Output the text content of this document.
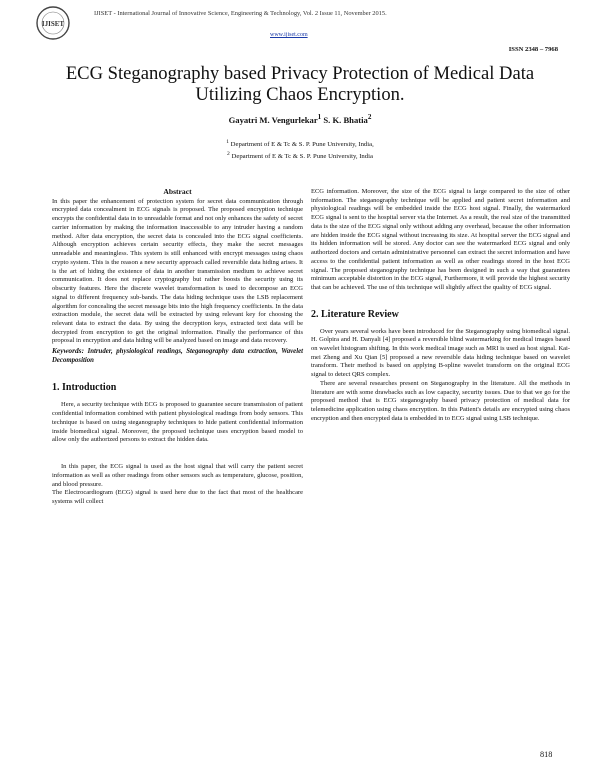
IJISET
IJISET - International Journal of Innovative Science, Engineering & Technology, Vol. 2 Issue 11, November 2015.
www.ijiset.com
ISSN 2348 – 7968
ECG Steganography based Privacy Protection of Medical Data Utilizing Chaos Encryption.
Gayatri M. Vengurlekar$^1$ S. K. Bhatia$^2$
$^1$ Department of E & Tc & S. P. Pune University, India,
$^2$ Department of E & Tc & S. P. Pune University, India

Abstract

In this paper the enhancement of protection system for secret data communication through encrypted data concealment in ECG signals is proposed. The proposed encryption technique encrypts the confidential data in to unreadable format and not only enhances the safety of secret carrier information by making the information inaccessible to any intruder having a random method. After data encryption, the secret data is concealed into the ECG signal coefficients. Although encryption achieves certain security effects, they make the secret messages unreadable and meaningless. This system is still enhanced with encrypt messages using chaos crypto system. This is the reason a new security approach called reversible data hiding arises. It is the art of hiding the existence of data in another transmission medium to achieve secret communication. It does not replace cryptography but rather boosts the security using its obscurity features. Here the discrete wavelet transformation is used to decompose an ECG signal to different frequency sub-bands. The data hiding technique uses the LSB replacement algorithm for concealing the secret message bits into the high frequency coefficients. In the data extraction module, the secret data will be extracted by using relevant key for choosing the relevant data to extract the data. By using the decryption keys, extracted text data will be decrypted from encryption to get the original information. Finally the performance of this proposal in encryption and data hiding will be analyzed based on image and data recovery.

Keywords: Intruder, physiological readings, Steganography data extraction, Wavelet Decomposition

1. Introduction

Here, a security technique with ECG is proposed to guarantee secure transmission of patient confidential information combined with patient physiological readings from body sensors. This technique is based on using steganography techniques to hide patient confidential information inside biomedical signal. Moreover, the proposed technique uses encryption based model to allow only the authorized persons to extract the hidden data.

In this paper, the ECG signal is used as the host signal that will carry the patient secret information as well as other readings from other sensors such as temperature, glucose, position, and blood pressure.

The Electrocardiogram (ECG) signal is used here due to the fact that most of the healthcare systems will collect

ECG information. Moreover, the size of the ECG signal is large compared to the size of other information. The steganography technique will be applied and patient secret information and physiological readings will be embedded inside the ECG host signal. Finally, the watermarked ECG signal is sent to the hospital server via the Internet. As a result, the real size of the transmitted data is the size of the ECG signal only without adding any overhead, because the other information are hidden inside the ECG signal without increasing its size. At hospital server the ECG signal and its hidden information will be stored. Any doctor can see the watermarked ECG signal and only authorized doctors and certain administrative personnel can extract the secret information and have access to the confidential patient information as well as other readings stored in the host ECG signal. The proposed steganography technique has been designed in such a way that guarantees minimum acceptable distortion in the ECG signal, Furthermore, it will provide the highest security that can be achieved. The use of this technique will slightly affect the quality of ECG signal.

2. Literature Review

Over years several works have been introduced for the Steganography using biomedical signal. H. Golpira and H. Danyali [4] proposed a reversible blind watermarking for medical images based on wavelet histogram shifting. In this work medical image such as MRI is used as host signal. Kai-mei Zheng and Xu Qian [5] proposed a new reversible data hiding technique based on wavelet transform. Their method is based on applying B-spline wavelet transform on the original ECG signal to detect QRS complex.

There are several researches present on Steganography in the literature. All the methods in literature are with some drawbacks such as low capacity, security issues. Due to that we go for the proposed method that is ECG steganography based privacy protection of medical data for telemedicine application using chaos encryption. In this Patient's details are encrypted using chaos encryption and then encrypted data is embedded in to ECG signal using LSB technique.

818
